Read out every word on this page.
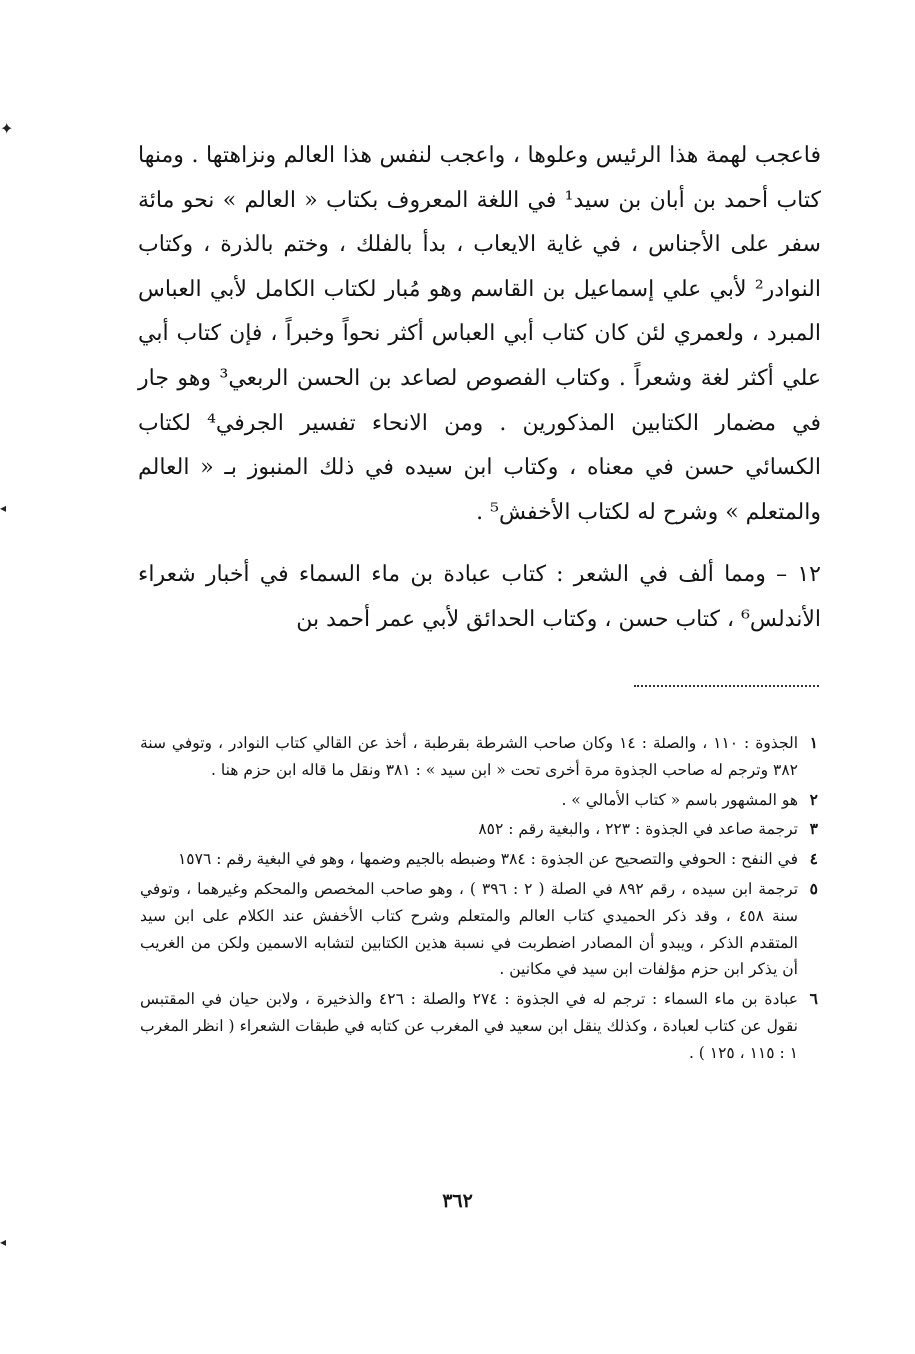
✦
◂
◂

فاعجب لهمة هذا الرئيس وعلوها ، واعجب لنفس هذا العالم ونزاهتها . ومنها كتاب أحمد بن أبان بن سيد¹ في اللغة المعروف بكتاب « العالم » نحو مائة سفر على الأجناس ، في غاية الايعاب ، بدأ بالفلك ، وختم بالذرة ، وكتاب النوادر² لأبي علي إسماعيل بن القاسم وهو مُبار لكتاب الكامل لأبي العباس المبرد ، ولعمري لئن كان كتاب أبي العباس أكثر نحواً وخبراً ، فإن كتاب أبي علي أكثر لغة وشعراً . وكتاب الفصوص لصاعد بن الحسن الربعي³ وهو جار في مضمار الكتابين المذكورين . ومن الانحاء تفسير الجرفي⁴ لكتاب الكسائي حسن في معناه ، وكتاب ابن سيده في ذلك المنبوز بـ « العالم والمتعلم » وشرح له لكتاب الأخفش⁵ .

١٢ – ومما ألف في الشعر : كتاب عبادة بن ماء السماء في أخبار شعراء الأندلس⁶ ، كتاب حسن ، وكتاب الحدائق لأبي عمر أحمد بن

١
الجذوة : ١١٠ ، والصلة : ١٤ وكان صاحب الشرطة بقرطبة ، أخذ عن القالي كتاب النوادر ، وتوفي سنة ٣٨٢ وترجم له صاحب الجذوة مرة أخرى تحت « ابن سيد » : ٣٨١ ونقل ما قاله ابن حزم هنا .
٢
هو المشهور باسم « كتاب الأمالي » .
٣
ترجمة صاعد في الجذوة : ٢٢٣ ، والبغية رقم : ٨٥٢
٤
في النفح : الحوفي والتصحيح عن الجذوة : ٣٨٤ وضبطه بالجيم وضمها ، وهو في البغية رقم : ١٥٧٦
٥
ترجمة ابن سيده ، رقم ٨٩٢ في الصلة ( ٢ : ٣٩٦ ) ، وهو صاحب المخصص والمحكم وغيرهما ، وتوفي سنة ٤٥٨ ، وقد ذكر الحميدي كتاب العالم والمتعلم وشرح كتاب الأخفش عند الكلام على ابن سيد المتقدم الذكر ، ويبدو أن المصادر اضطربت في نسبة هذين الكتابين لتشابه الاسمين ولكن من الغريب أن يذكر ابن حزم مؤلفات ابن سيد في مكانين .
٦
عبادة بن ماء السماء : ترجم له في الجذوة : ٢٧٤ والصلة : ٤٢٦ والذخيرة ، ولابن حيان في المقتبس نقول عن كتاب لعبادة ، وكذلك ينقل ابن سعيد في المغرب عن كتابه في طبقات الشعراء ( انظر المغرب ١ : ١١٥ ، ١٢٥ ) .
٣٦٢
